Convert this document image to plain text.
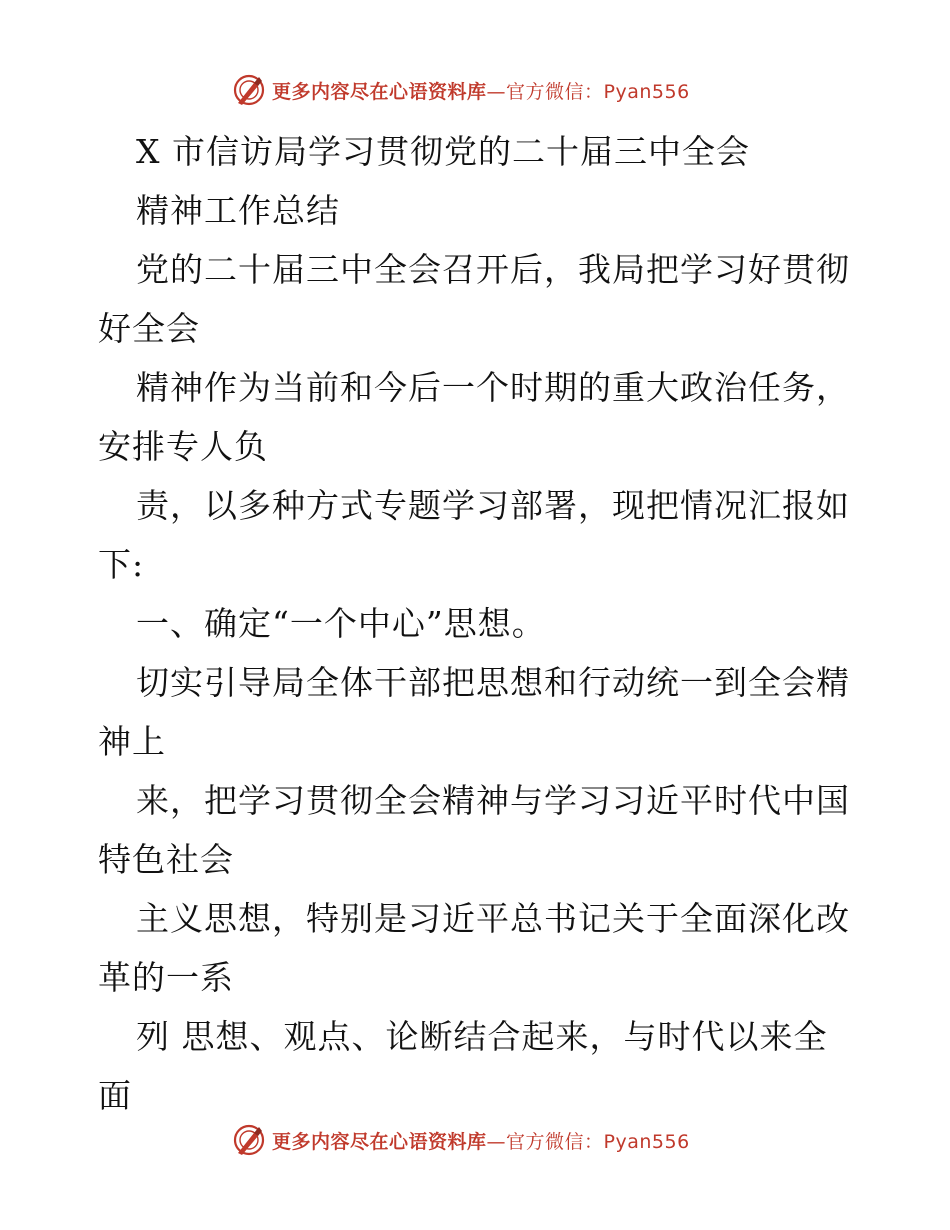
更多内容尽在心语资料库—官方微信：Pyan556
X 市信访局学习贯彻党的二十届三中全会
精神工作总结
党的二十届三中全会召开后，我局把学习好贯彻
好全会
精神作为当前和今后一个时期的重大政治任务，
安排专人负
责，以多种方式专题学习部署，现把情况汇报如
下:
一、确定“一个中心”思想。
切实引导局全体干部把思想和行动统一到全会精
神上
来，把学习贯彻全会精神与学习习近平时代中国
特色社会
主义思想，特别是习近平总书记关于全面深化改
革的一系
列 思想、观点、论断结合起来，与时代以来全
面
更多内容尽在心语资料库—官方微信：Pyan556
